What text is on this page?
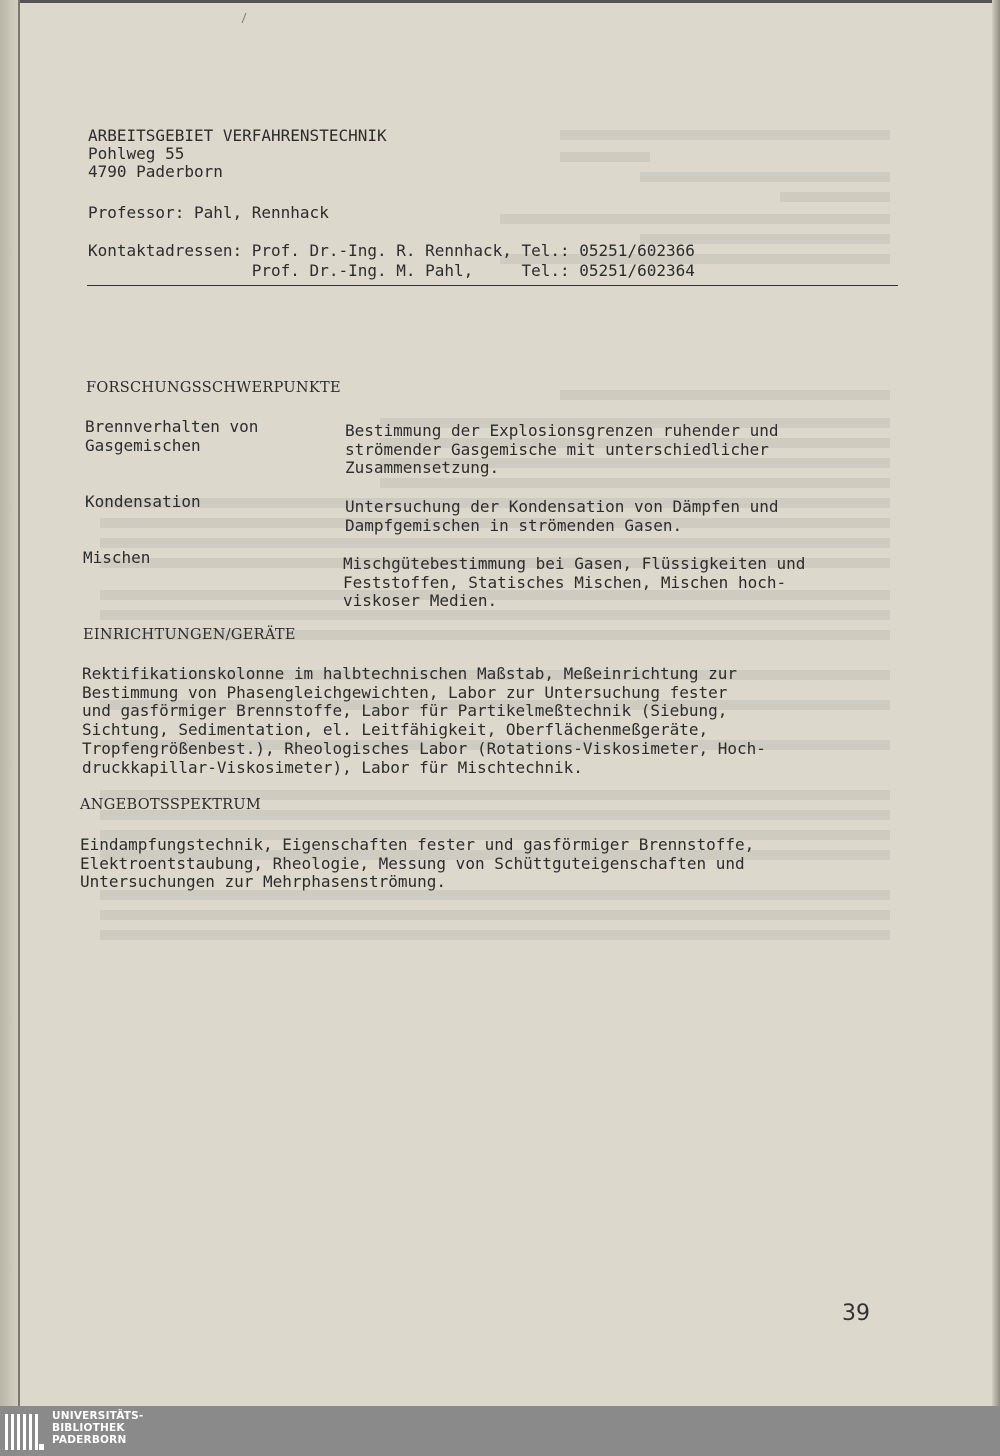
ARBEITSGEBIET VERFAHRENSTECHNIK
Pohlweg 55
4790 Paderborn
Professor: Pahl, Rennhack
Kontaktadressen: Prof. Dr.-Ing. R. Rennhack, Tel.: 05251/602366
Prof. Dr.-Ing. M. Pahl,     Tel.: 05251/602364
FORSCHUNGSSCHWERPUNKTE
Brennverhalten von
Gasgemischen
Bestimmung der Explosionsgrenzen ruhender und
strömender Gasgemische mit unterschiedlicher
Zusammensetzung.
Kondensation	Untersuchung der Kondensation von Dämpfen und
Dampfgemischen in strömenden Gasen.
Mischen	Mischgütebestimmung bei Gasen, Flüssigkeiten und
Feststoffen, Statisches Mischen, Mischen hoch-
viskoser Medien.
EINRICHTUNGEN/GERÄTE
Rektifikationskolonne im halbtechnischen Maßstab, Meßeinrichtung zur
Bestimmung von Phasengleichgewichten, Labor zur Untersuchung fester
und gasförmiger Brennstoffe, Labor für Partikelmeßtechnik (Siebung,
Sichtung, Sedimentation, el. Leitfähigkeit, Oberflächenmeßgeräte,
Tropfengrößenbest.), Rheologisches Labor (Rotations-Viskosimeter, Hoch-
druckkapillar-Viskosimeter), Labor für Mischtechnik.
ANGEBOTSSPEKTRUM
Eindampfungstechnik, Eigenschaften fester und gasförmiger Brennstoffe,
Elektroentstaubung, Rheologie, Messung von Schüttguteigenschaften und
Untersuchungen zur Mehrphasenströmung.
39
UNIVERSITÄTS-
BIBLIOTHEK
PADERBORN
